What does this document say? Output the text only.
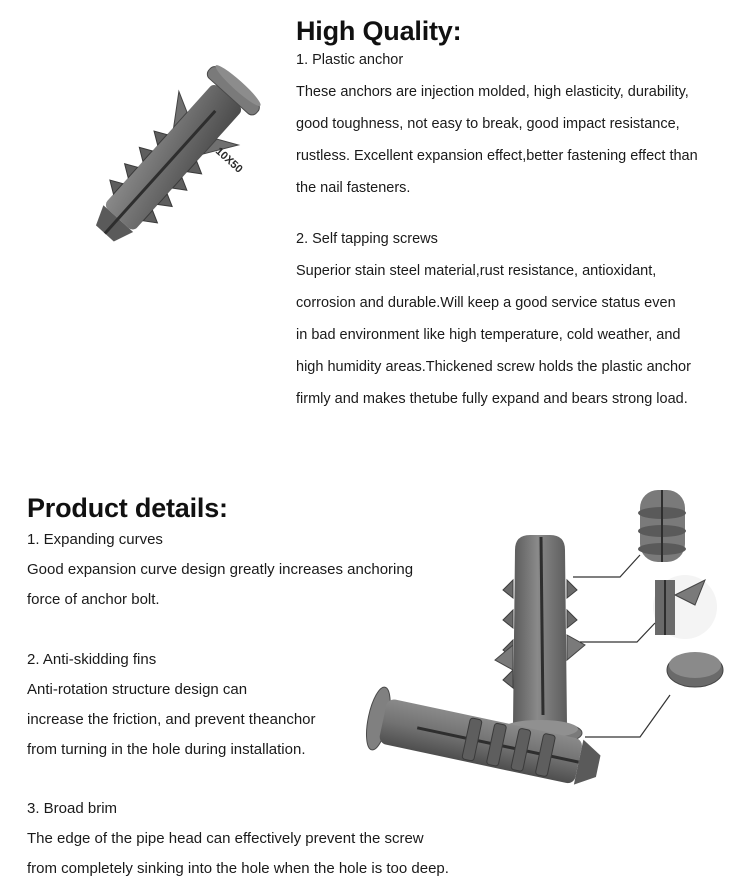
10X50
High Quality:
1. Plastic anchor
These anchors are injection molded, high elasticity, durability,
good toughness, not easy to break, good impact resistance,
rustless. Excellent expansion effect,better fastening effect than
the nail fasteners.
2. Self tapping screws
Superior stain steel material,rust resistance, antioxidant,
corrosion and durable.Will keep a good service status even
in bad environment like high temperature, cold weather, and
high humidity areas.Thickened screw holds the plastic anchor
firmly and makes thetube fully expand and bears strong load.
Product details:
1. Expanding curves
Good expansion curve design greatly increases anchoring
force of anchor bolt.
2. Anti-skidding fins
Anti-rotation structure design can
increase the friction, and prevent theanchor
from turning in the hole during installation.
3. Broad brim
The edge of the pipe head can effectively prevent the screw
from completely sinking into the hole when the hole is too deep.
